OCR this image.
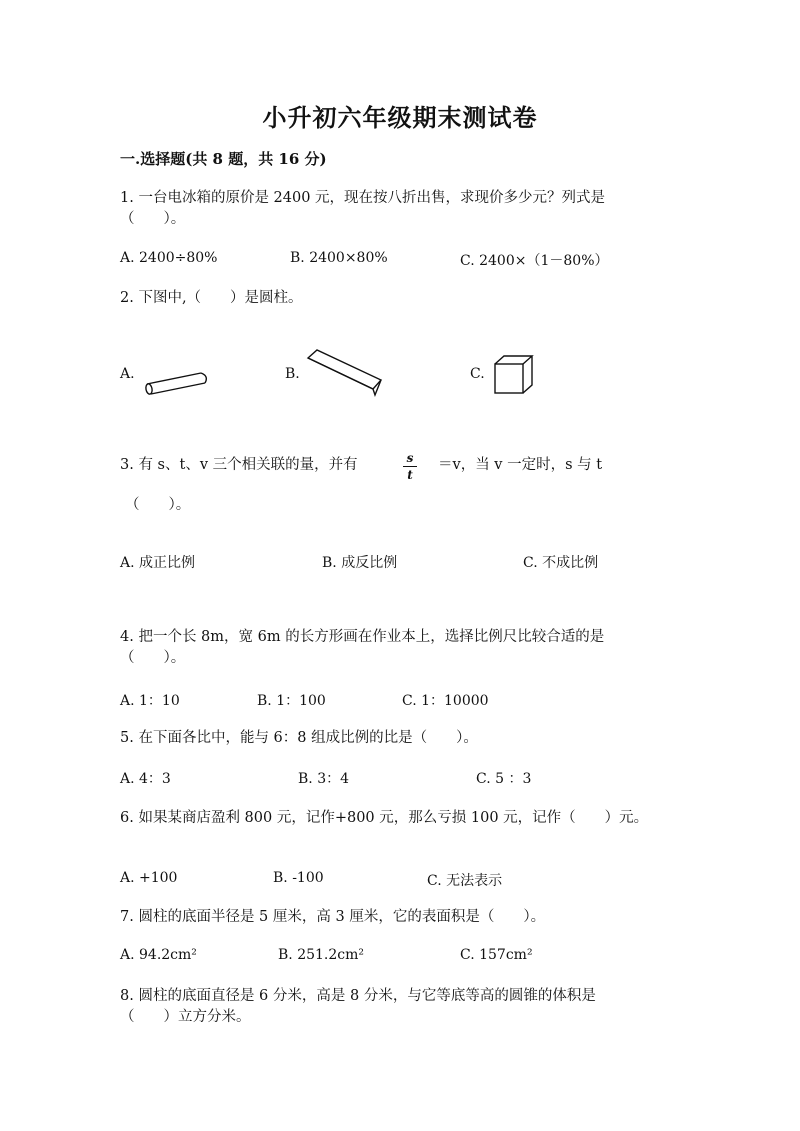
小升初六年级期末测试卷
一.选择题(共 8 题，共 16 分)
1. 一台电冰箱的原价是 2400 元，现在按八折出售，求现价多少元？列式是
（　　）。
A. 2400÷80%	B. 2400×80%	C. 2400×（1－80%）
2. 下图中,（　　）是圆柱。
A.	B.	C.
3. 有 s、t、v 三个相关联的量，并有	s
t
＝v，当 v 一定时，s 与 t
（　　）。
A. 成正比例	B. 成反比例	C. 不成比例
4. 把一个长 8m，宽 6m 的长方形画在作业本上，选择比例尺比较合适的是
（　　）。
A. 1：10	B. 1：100	C. 1：10000
5. 在下面各比中，能与 6：8 组成比例的比是（　　）。
A. 4：3	B. 3：4	C. 5 ：3
6. 如果某商店盈利 800 元，记作+800 元，那么亏损 100 元，记作（　　）元。
A. +100	B. -100	C. 无法表示
7. 圆柱的底面半径是 5 厘米，高 3 厘米，它的表面积是（　　）。
A. 94.2cm²	B. 251.2cm²	C. 157cm²
8. 圆柱的底面直径是 6 分米，高是 8 分米，与它等底等高的圆锥的体积是
（　　）立方分米。
